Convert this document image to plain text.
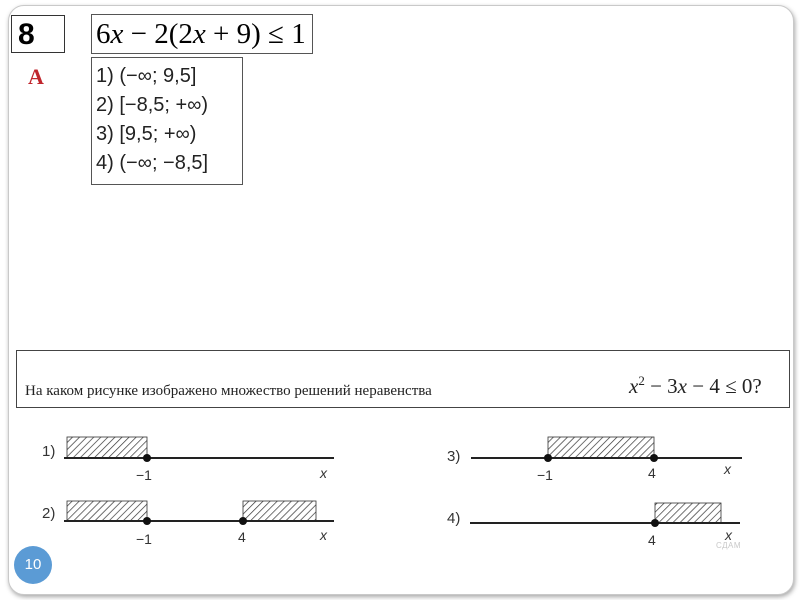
8
А
6x − 2(2x + 9) ≤ 1
1) (−∞; 9,5]
2) [−8,5; +∞)
3) [9,5; +∞)
4) (−∞; −8,5]
На каком рисунке изображено множество решений неравенства	$x^2 - 3x - 4 \le 0$?
1)
−1	x
2)
−1	4	x
3)
−1	4	x
4)
4	x
СДАМ
10
